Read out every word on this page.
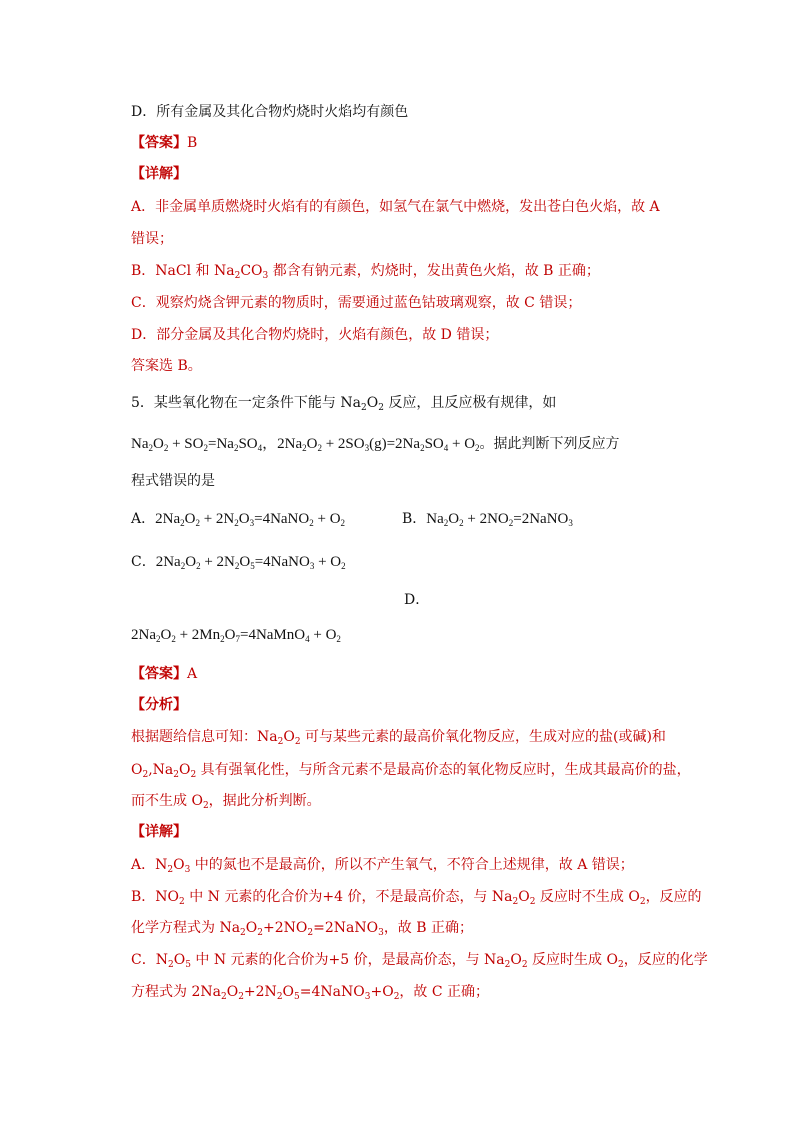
D．所有金属及其化合物灼烧时火焰均有颜色
【答案】B
【详解】
A．非金属单质燃烧时火焰有的有颜色，如氢气在氯气中燃烧，发出苍白色火焰，故 A
错误；
B．NaCl 和 $Na_2CO_3$ 都含有钠元素，灼烧时，发出黄色火焰，故 B 正确；
C．观察灼烧含钾元素的物质时，需要通过蓝色钴玻璃观察，故 C 错误；
D．部分金属及其化合物灼烧时，火焰有颜色，故 D 错误；
答案选 B。
5．某些氧化物在一定条件下能与 $Na_2O_2$ 反应，且反应极有规律，如
$Na_2O_2 + SO_2=Na_2SO_4$，$2Na_2O_2 + 2SO_3(g)=2Na_2SO_4 + O_2$。据此判断下列反应方
程式错误的是
A．$2Na_2O_2$ + $2N_2O_3=4NaNO_2 + O_2$	B．$Na_2O_2$ + $2NO_2=2NaNO_3$
C．$2Na_2O_2$ + $2N_2O_5=4NaNO_3 + O_2$
D．
$2Na_2O_2$ + $2Mn_2O_7=4NaMnO_4 + O_2$
【答案】A
【分析】
根据题给信息可知：$Na_2O_2$ 可与某些元素的最高价氧化物反应，生成对应的盐(或碱)和
$O_2,Na_2O_2$ 具有强氧化性，与所含元素不是最高价态的氧化物反应时，生成其最高价的盐，
而不生成 $O_2$，据此分析判断。
【详解】
A．$N_2O_3$ 中的氮也不是最高价，所以不产生氧气，不符合上述规律，故 A 错误；
B．$NO_2$ 中 N 元素的化合价为+4 价，不是最高价态，与 $Na_2O_2$ 反应时不生成 $O_2$，反应的
化学方程式为 $Na_2O_2+2NO_2=2NaNO_3$，故 B 正确；
C．$N_2O_5$ 中 N 元素的化合价为+5 价，是最高价态，与 $Na_2O_2$ 反应时生成 $O_2$，反应的化学
方程式为 $2Na_2O_2+2N_2O_5=4NaNO_3+O_2$，故 C 正确；
